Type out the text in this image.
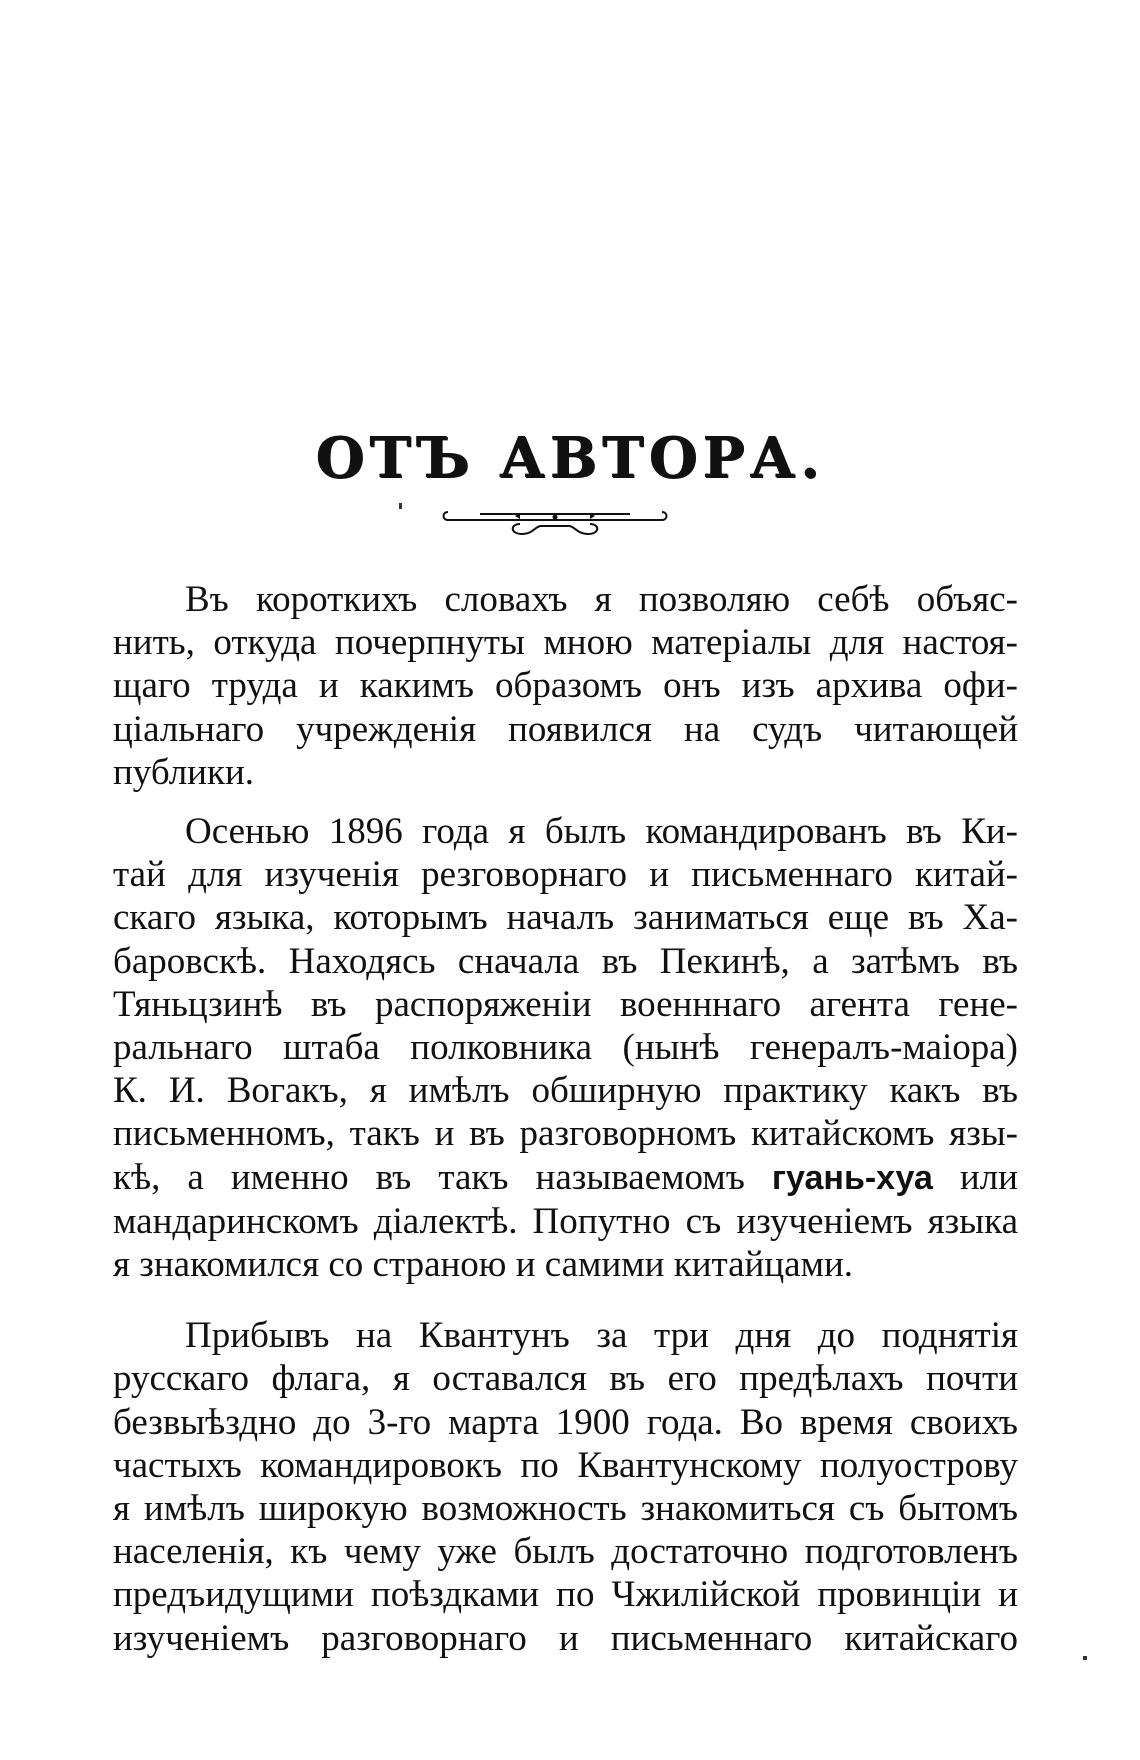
ОТЪ АВТОРА.

Въ короткихъ словахъ я позволяю себѣ объяс-
нить, откуда почерпнуты мною матеріалы для настоя-
щаго труда и какимъ образомъ онъ изъ архива офи-
ціальнаго учрежденія появился на судъ читающей
публики.

Осенью 1896 года я былъ командированъ въ Ки-
тай для изученія резговорнаго и письменнаго китай-
скаго языка, которымъ началъ заниматься еще въ Ха-
баровскѣ. Находясь сначала въ Пекинѣ, а затѣмъ въ
Тяньцзинѣ въ распоряженіи военннаго агента гене-
ральнаго штаба полковника (нынѣ генералъ-маіора)
К. И. Вогакъ, я имѣлъ обширную практику какъ въ
письменномъ, такъ и въ разговорномъ китайскомъ язы-
кѣ, а именно въ такъ называемомъ гуань-хуа или
мандаринскомъ діалектѣ. Попутно съ изученіемъ языка
я знакомился со страною и самими китайцами.

Прибывъ на Квантунъ за три дня до поднятія
русскаго флага, я оставался въ его предѣлахъ почти
безвыѣздно до 3-го марта 1900 года. Во время своихъ
частыхъ командировокъ по Квантунскому полуострову
я имѣлъ широкую возможность знакомиться съ бытомъ
населенія, къ чему уже былъ достаточно подготовленъ
предъидущими поѣздками по Чжилійской провинціи и
изученіемъ разговорнаго и письменнаго китайскаго
